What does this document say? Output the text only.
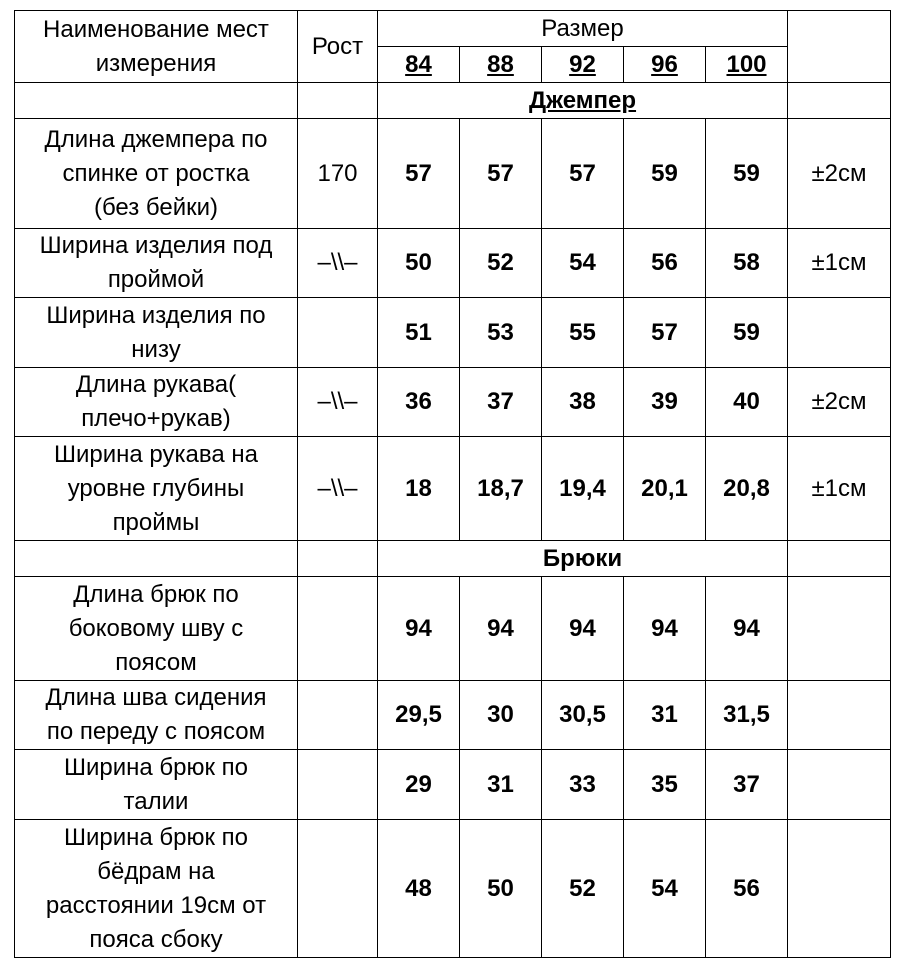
Наименование мест
измерения	Рост	Размер					
		84	88	92	96	100	
		Джемпер					

Длина джемпера по
спинке от ростка
(без бейки)	170	57	57	57	59	59	±2см

Ширина изделия под
проймой	–\\–	50	52	54	56	58	±1см

Ширина изделия по
низу		51	53	55	57	59	

Длина рукава(
плечо+рукав)	–\\–	36	37	38	39	40	±2см

Ширина рукава на
уровне глубины
проймы	–\\–	18	18,7	19,4	20,1	20,8	±1см
		Брюки					

Длина брюк по
боковому шву с
поясом		94	94	94	94	94	

Длина шва сидения
по переду с поясом		29,5	30	30,5	31	31,5	

Ширина брюк по
талии		29	31	33	35	37	

Ширина брюк по
бёдрам на
расстоянии 19см от
пояса сбоку		48	50	52	54	56	
